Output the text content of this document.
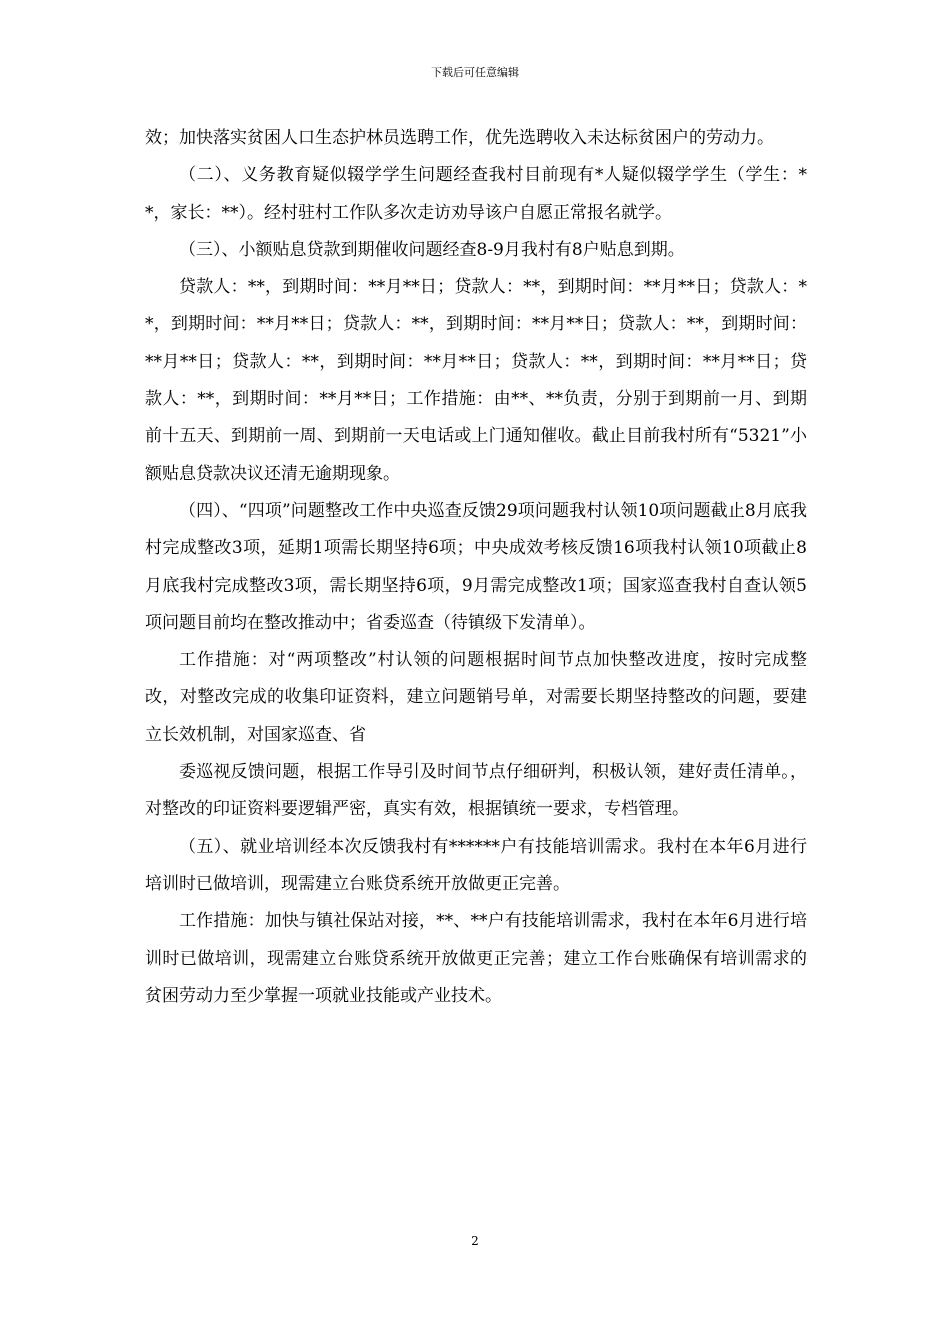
下载后可任意编辑

效；加快落实贫困人口生态护林员选聘工作，优先选聘收入未达标贫困户的劳动力。

（二）、义务教育疑似辍学学生问题经查我村目前现有*人疑似辍学学生（学生：**，家长：**）。经村驻村工作队多次走访劝导该户自愿正常报名就学。

（三）、小额贴息贷款到期催收问题经查8-9月我村有8户贴息到期。

贷款人：**，到期时间：**月**日；贷款人：**，到期时间：**月**日；贷款人：**，到期时间：**月**日；贷款人：**，到期时间：**月**日；贷款人：**，到期时间：**月**日；贷款人：**，到期时间：**月**日；贷款人：**，到期时间：**月**日；贷款人：**，到期时间：**月**日；工作措施：由**、**负责，分别于到期前一月、到期前十五天、到期前一周、到期前一天电话或上门通知催收。截止目前我村所有“5321”小额贴息贷款决议还清无逾期现象。

（四）、“四项”问题整改工作中央巡查反馈29项问题我村认领10项问题截止8月底我村完成整改3项，延期1项需长期坚持6项；中央成效考核反馈16项我村认领10项截止8月底我村完成整改3项，需长期坚持6项，9月需完成整改1项；国家巡查我村自查认领5项问题目前均在整改推动中；省委巡查（待镇级下发清单）。

工作措施：对“两项整改”村认领的问题根据时间节点加快整改进度，按时完成整改，对整改完成的收集印证资料，建立问题销号单，对需要长期坚持整改的问题，要建立长效机制，对国家巡查、省

委巡视反馈问题，根据工作导引及时间节点仔细研判，积极认领，建好责任清单。，对整改的印证资料要逻辑严密，真实有效，根据镇统一要求，专档管理。

（五）、就业培训经本次反馈我村有******户有技能培训需求。我村在本年6月进行培训时已做培训，现需建立台账贷系统开放做更正完善。

工作措施：加快与镇社保站对接，**、**户有技能培训需求，我村在本年6月进行培训时已做培训，现需建立台账贷系统开放做更正完善；建立工作台账确保有培训需求的贫困劳动力至少掌握一项就业技能或产业技术。

2
